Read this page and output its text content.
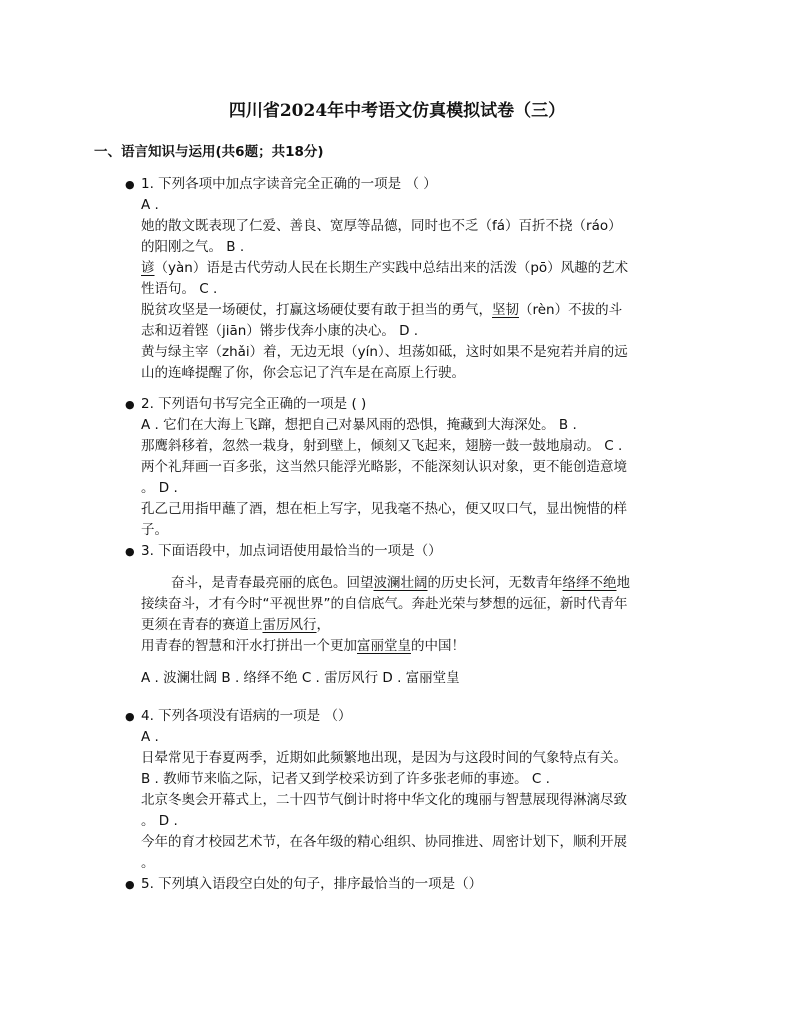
四川省2024年中考语文仿真模拟试卷（三）
一、语言知识与运用(共6题；共18分)
● 1. 下列各项中加点字读音完全正确的一项是 （ ）
A .
她的散文既表现了仁爱、善良、宽厚等品德，同时也不乏（fá）百折不挠（ráo）
的阳刚之气。 B .
谚（yàn）语是古代劳动人民在长期生产实践中总结出来的活泼（pō）风趣的艺术
性语句。 C .
脱贫攻坚是一场硬仗，打赢这场硬仗要有敢于担当的勇气，坚韧（rèn）不拔的斗
志和迈着铿（jiān）锵步伐奔小康的决心。 D .
黄与绿主宰（zhǎi）着，无边无垠（yín）、坦荡如砥，这时如果不是宛若并肩的远
山的连峰提醒了你，你会忘记了汽车是在高原上行驶。
● 2. 下列语句书写完全正确的一项是 ( )
A . 它们在大海上飞蹿，想把自己对暴风雨的恐惧，掩藏到大海深处。 B .
那鹰斜移着，忽然一栽身，射到壁上，倾刻又飞起来，翅膀一鼓一鼓地扇动。 C .
两个礼拜画一百多张，这当然只能浮光略影，不能深刻认识对象，更不能创造意境
。 D .
孔乙己用指甲蘸了酒，想在柜上写字，见我毫不热心，便又叹口气，显出惋惜的样
子。
● 3. 下面语段中，加点词语使用最恰当的一项是（）
奋斗，是青春最亮丽的底色。回望波澜壮阔的历史长河，无数青年络绎不绝地
接续奋斗，才有今时“平视世界”的自信底气。奔赴光荣与梦想的远征，新时代青年
更须在青春的赛道上雷厉风行，
用青春的智慧和汗水打拼出一个更加富丽堂皇的中国！
A . 波澜壮阔 B . 络绎不绝 C . 雷厉风行 D . 富丽堂皇
● 4. 下列各项没有语病的一项是 （）
A .
日晕常见于春夏两季，近期如此频繁地出现，是因为与这段时间的气象特点有关。
B . 教师节来临之际，记者又到学校采访到了许多张老师的事迹。 C .
北京冬奥会开幕式上，二十四节气倒计时将中华文化的瑰丽与智慧展现得淋漓尽致
。 D .
今年的育才校园艺术节，在各年级的精心组织、协同推进、周密计划下，顺利开展
。
● 5. 下列填入语段空白处的句子，排序最恰当的一项是（）
